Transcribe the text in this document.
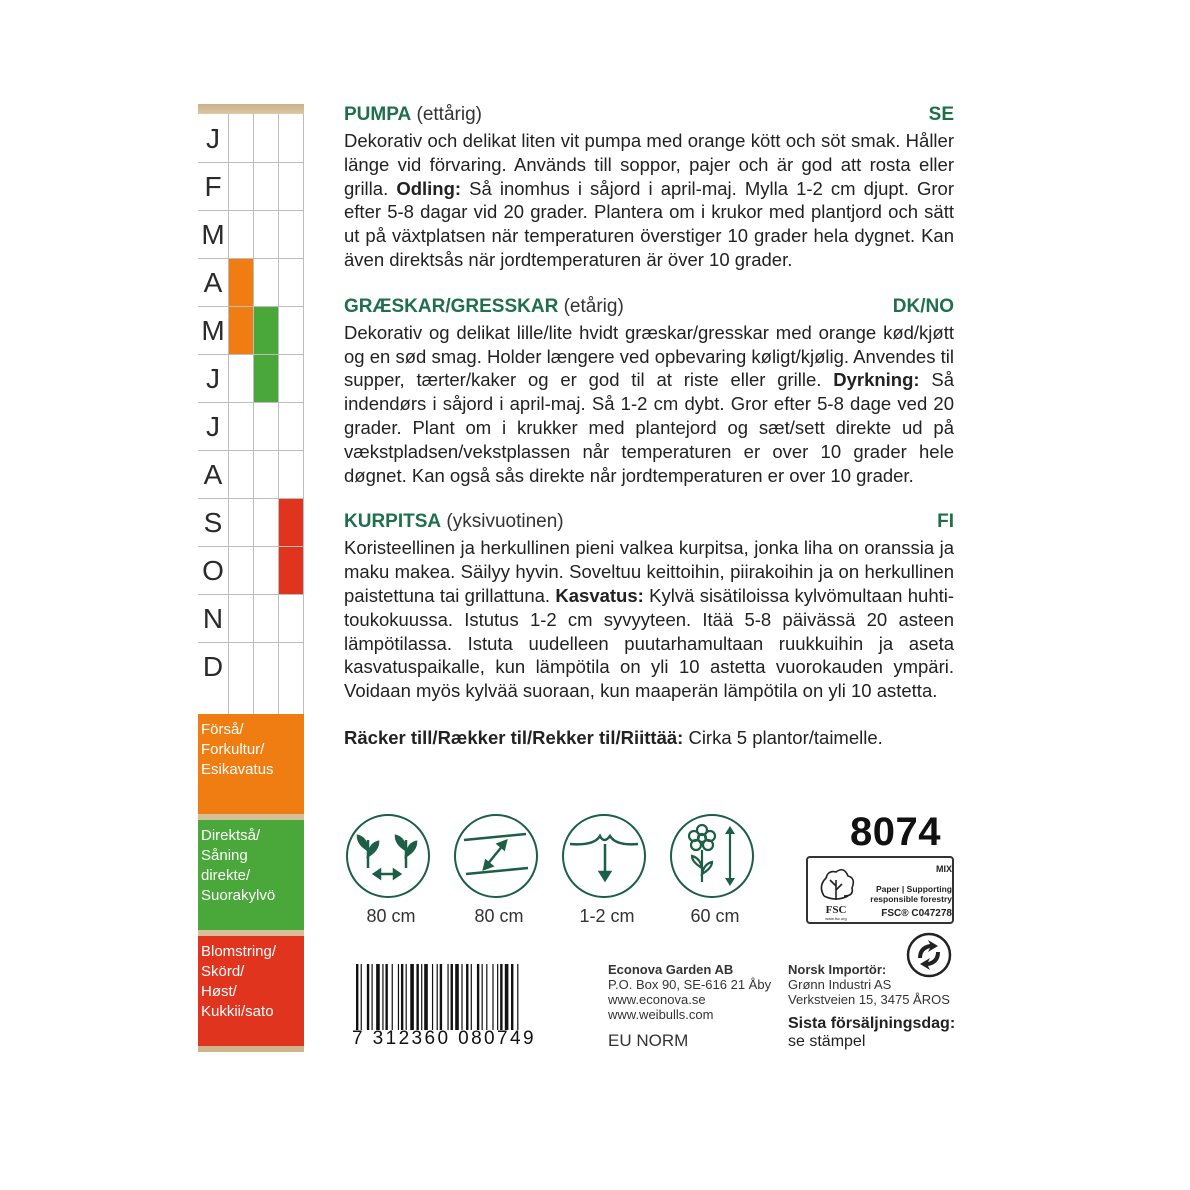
J
F
M
A
M
J
J
A
S
O
N
D
Förså/
Forkultur/
Esikavatus
Direktså/
Såning
direkte/
Suorakylvö
Blomstring/
Skörd/
Høst/
Kukkii/sato
PUMPA (ettårig)	SE
Dekorativ och delikat liten vit pumpa med orange kött och söt smak. Håller länge vid förvaring. Används till soppor, pajer och är god att rosta eller grilla. Odling: Så inomhus i såjord i april-maj. Mylla 1-2 cm djupt. Gror efter 5-8 dagar vid 20 grader. Plantera om i krukor med plantjord och sätt ut på växtplatsen när temperaturen överstiger 10 grader hela dygnet. Kan även direktsås när jordtemperaturen är över 10 grader.
GRÆSKAR/GRESSKAR (etårig)	DK/NO
Dekorativ og delikat lille/lite hvidt græskar/gresskar med orange kød/kjøtt og en sød smag. Holder længere ved opbevaring køligt/kjølig. Anvendes til supper, tærter/kaker og er god til at riste eller grille. Dyrkning: Så indendørs i såjord i april-maj. Så 1-2 cm dybt. Gror efter 5-8 dage ved 20 grader. Plant om i krukker med plantejord og sæt/sett direkte ud på vækstpladsen/vekstplassen når temperaturen er over 10 grader hele døgnet. Kan også sås direkte når jordtemperaturen er over 10 grader.
KURPITSA (yksivuotinen)	FI
Koristeellinen ja herkullinen pieni valkea kurpitsa, jonka liha on oranssia ja maku makea. Säilyy hyvin. Soveltuu keittoihin, piirakoihin ja on herkullinen paistettuna tai grillattuna. Kasvatus: Kylvä sisätiloissa kylvömultaan huhti-toukokuussa. Istutus 1-2 cm syvyyteen. Itää 5-8 päivässä 20 asteen lämpötilassa. Istuta uudelleen puutarhamultaan ruukkuihin ja aseta kasvatuspaikalle, kun lämpötila on yli 10 astetta vuorokauden ympäri. Voidaan myös kylvää suoraan, kun maaperän lämpötila on yli 10 astetta.
Räcker till/Rækker til/Rekker til/Riittää: Cirka 5 plantor/taimelle.
80 cm	80 cm	1-2 cm	60 cm
8074
FSC
www.fsc.org
MIX
Paper | Supporting
responsible forestry
FSC® C047278
7 312360 080749
Econova Garden AB
P.O. Box 90, SE-616 21 Åby
www.econova.se
www.weibulls.com
Norsk Importör:
Grønn Industri AS
Verkstveien 15, 3475 ÅROS
EU NORM
Sista försäljningsdag:
se stämpel
